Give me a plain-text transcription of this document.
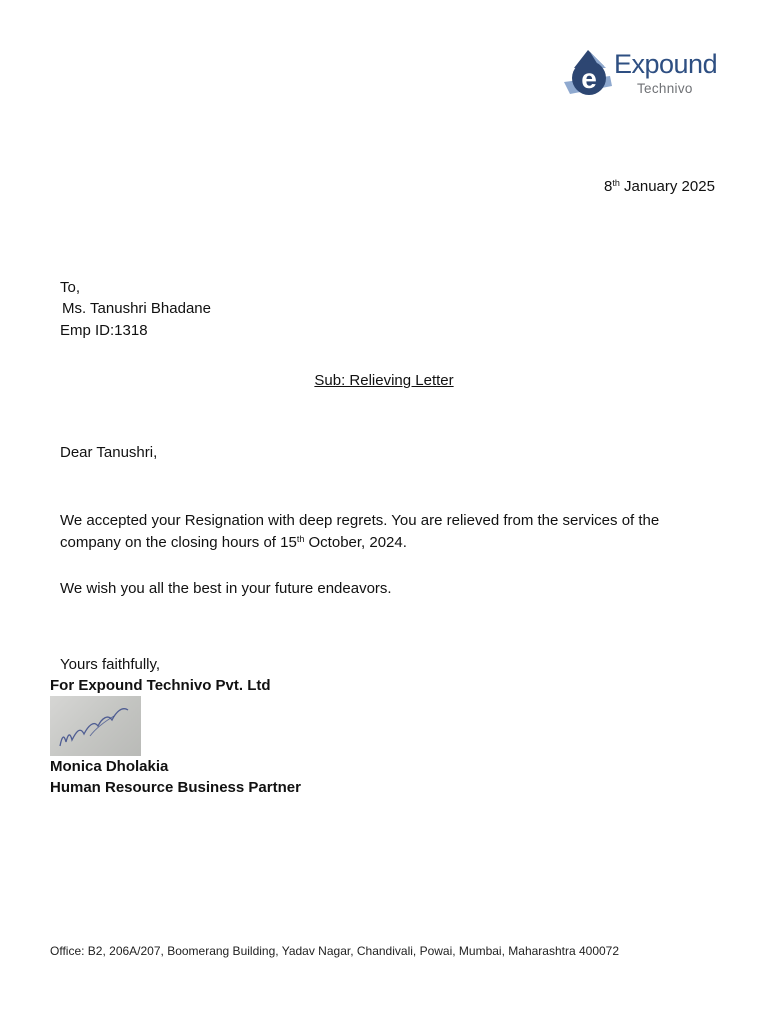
e Expound
Technivo
8th January 2025
To,
Ms. Tanushri Bhadane
Emp ID:1318
Sub: Relieving Letter
Dear Tanushri,
We accepted your Resignation with deep regrets. You are relieved from the services of the company on the closing hours of 15th October, 2024.
We wish you all the best in your future endeavors.
Yours faithfully,
For Expound Technivo Pvt. Ltd
Monica Dholakia
Human Resource Business Partner
Office: B2, 206A/207, Boomerang Building, Yadav Nagar, Chandivali, Powai, Mumbai, Maharashtra 400072
